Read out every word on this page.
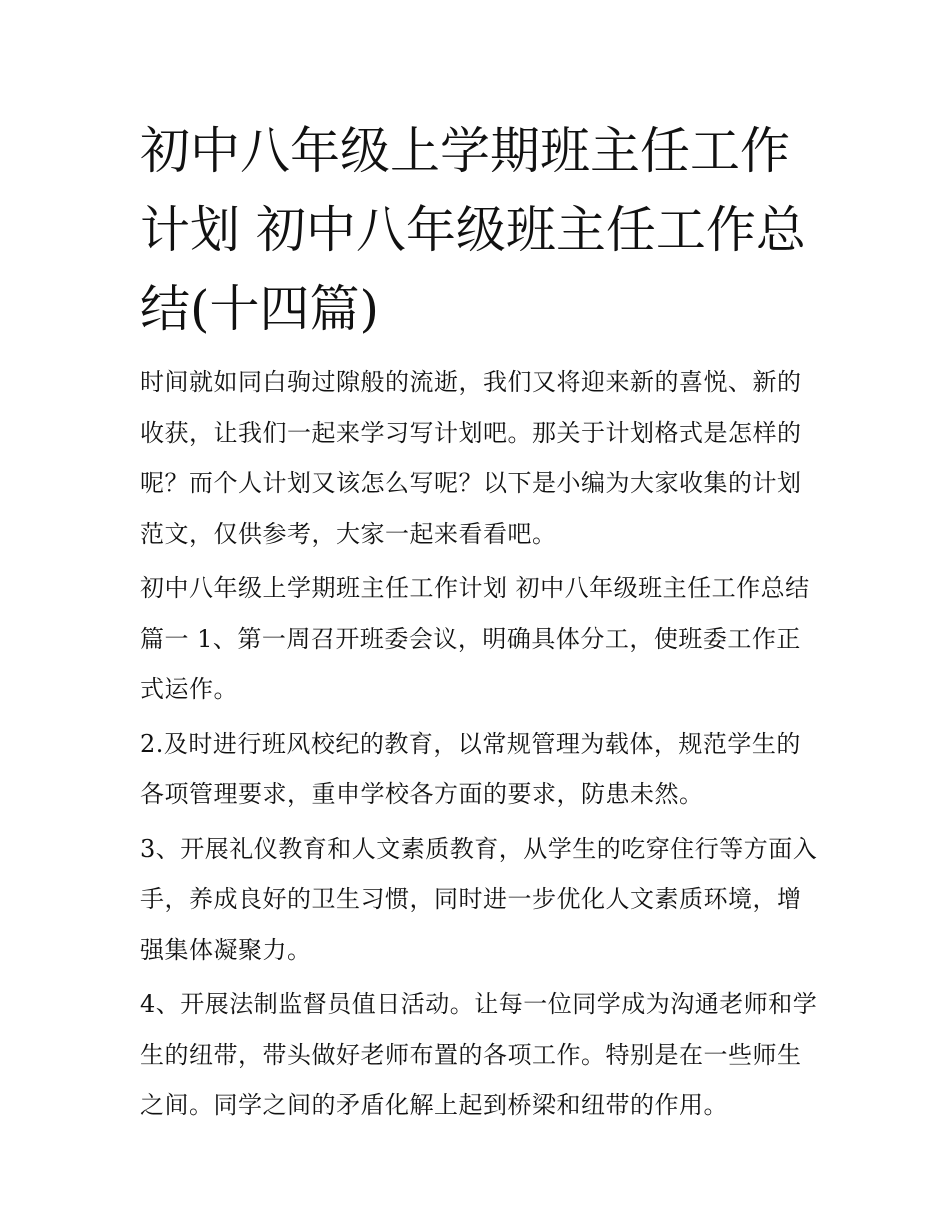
初中八年级上学期班主任工作计划 初中八年级班主任工作总结(十四篇)

时间就如同白驹过隙般的流逝，我们又将迎来新的喜悦、新的收获，让我们一起来学习写计划吧。那关于计划格式是怎样的呢？而个人计划又该怎么写呢？以下是小编为大家收集的计划范文，仅供参考，大家一起来看看吧。

初中八年级上学期班主任工作计划 初中八年级班主任工作总结篇一 1、第一周召开班委会议，明确具体分工，使班委工作正式运作。

2.及时进行班风校纪的教育，以常规管理为载体，规范学生的各项管理要求，重申学校各方面的要求，防患未然。

3、开展礼仪教育和人文素质教育，从学生的吃穿住行等方面入手，养成良好的卫生习惯，同时进一步优化人文素质环境，增强集体凝聚力。

4、开展法制监督员值日活动。让每一位同学成为沟通老师和学生的纽带，带头做好老师布置的各项工作。特别是在一些师生之间。同学之间的矛盾化解上起到桥梁和纽带的作用。
